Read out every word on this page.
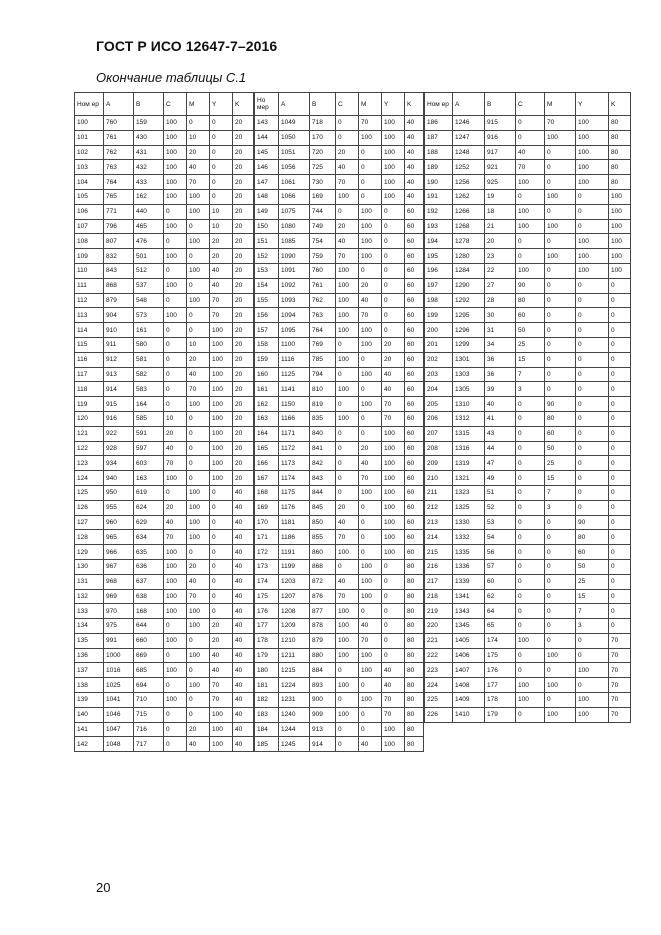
ГОСТ Р ИСО 12647-7–2016
Окончание таблицы С.1
Ном ер	A	B	C	M	Y	K
100	760	159	100	0	0	20
101	761	430	100	10	0	20
102	762	431	100	20	0	20
103	763	432	100	40	0	20
104	764	433	100	70	0	20
105	765	162	100	100	0	20
106	771	440	0	100	10	20
107	796	465	100	0	10	20
108	807	476	0	100	20	20
109	832	501	100	0	20	20
110	843	512	0	100	40	20
111	868	537	100	0	40	20
112	879	548	0	100	70	20
113	904	573	100	0	70	20
114	910	161	0	0	100	20
115	911	580	0	10	100	20
116	912	581	0	20	100	20
117	913	582	0	40	100	20
118	914	583	0	70	100	20
119	915	164	0	100	100	20
120	916	585	10	0	100	20
121	922	591	20	0	100	20
122	928	597	40	0	100	20
123	934	603	70	0	100	20
124	940	163	100	0	100	20
125	950	619	0	100	0	40
126	955	624	20	100	0	40
127	960	629	40	100	0	40
128	965	634	70	100	0	40
129	966	635	100	0	0	40
130	967	636	100	20	0	40
131	968	637	100	40	0	40
132	969	638	100	70	0	40
133	970	168	100	100	0	40
134	975	644	0	100	20	40
135	991	660	100	0	20	40
136	1000	669	0	100	40	40
137	1016	685	100	0	40	40
138	1025	694	0	100	70	40
139	1041	710	100	0	70	40
140	1046	715	0	0	100	40
141	1047	716	0	20	100	40
142	1048	717	0	40	100	40
Но мер	A	B	C	M	Y	K
143	1049	718	0	70	100	40
144	1050	170	0	100	100	40
145	1051	720	20	0	100	40
146	1056	725	40	0	100	40
147	1061	730	70	0	100	40
148	1066	169	100	0	100	40
149	1075	744	0	100	0	60
150	1080	749	20	100	0	60
151	1085	754	40	100	0	60
152	1090	759	70	100	0	60
153	1091	760	100	0	0	60
154	1092	761	100	20	0	60
155	1093	762	100	40	0	60
156	1094	763	100	70	0	60
157	1095	764	100	100	0	60
158	1100	769	0	100	20	60
159	1116	785	100	0	20	60
160	1125	794	0	100	40	60
161	1141	810	100	0	40	60
162	1150	819	0	100	70	60
163	1166	835	100	0	70	60
164	1171	840	0	0	100	60
165	1172	841	0	20	100	60
166	1173	842	0	40	100	60
167	1174	843	0	70	100	60
168	1175	844	0	100	100	60
169	1176	845	20	0	100	60
170	1181	850	40	0	100	60
171	1186	855	70	0	100	60
172	1191	860	100	0	100	60
173	1199	868	0	100	0	80
174	1203	872	40	100	0	80
175	1207	876	70	100	0	80
176	1208	877	100	0	0	80
177	1209	878	100	40	0	80
178	1210	879	100	70	0	80
179	1211	880	100	100	0	80
180	1215	884	0	100	40	80
181	1224	893	100	0	40	80
182	1231	900	0	100	70	80
183	1240	909	100	0	70	80
184	1244	913	0	0	100	80
185	1245	914	0	40	100	80
Ном ер	A	B	C	M	Y	K
186	1246	915	0	70	100	80
187	1247	916	0	100	100	80
188	1248	917	40	0	100	80
189	1252	921	70	0	100	80
190	1256	925	100	0	100	80
191	1262	19	0	100	0	100
192	1266	18	100	0	0	100
193	1268	21	100	100	0	100
194	1278	20	0	0	100	100
195	1280	23	0	100	100	100
196	1284	22	100	0	100	100
197	1290	27	90	0	0	0
198	1292	28	80	0	0	0
199	1295	30	60	0	0	0
200	1296	31	50	0	0	0
201	1299	34	25	0	0	0
202	1301	36	15	0	0	0
203	1303	36	7	0	0	0
204	1305	39	3	0	0	0
205	1310	40	0	90	0	0
206	1312	41	0	80	0	0
207	1315	43	0	60	0	0
208	1316	44	0	50	0	0
209	1319	47	0	25	0	0
210	1321	49	0	15	0	0
211	1323	51	0	7	0	0
212	1325	52	0	3	0	0
213	1330	53	0	0	90	0
214	1332	54	0	0	80	0
215	1335	56	0	0	60	0
216	1336	57	0	0	50	0
217	1339	60	0	0	25	0
218	1341	62	0	0	15	0
219	1343	64	0	0	7	0
220	1345	65	0	0	3	0
221	1405	174	100	0	0	70
222	1406	175	0	100	0	70
223	1407	176	0	0	100	70
224	1408	177	100	100	0	70
225	1409	178	100	0	100	70
226	1410	179	0	100	100	70
20
